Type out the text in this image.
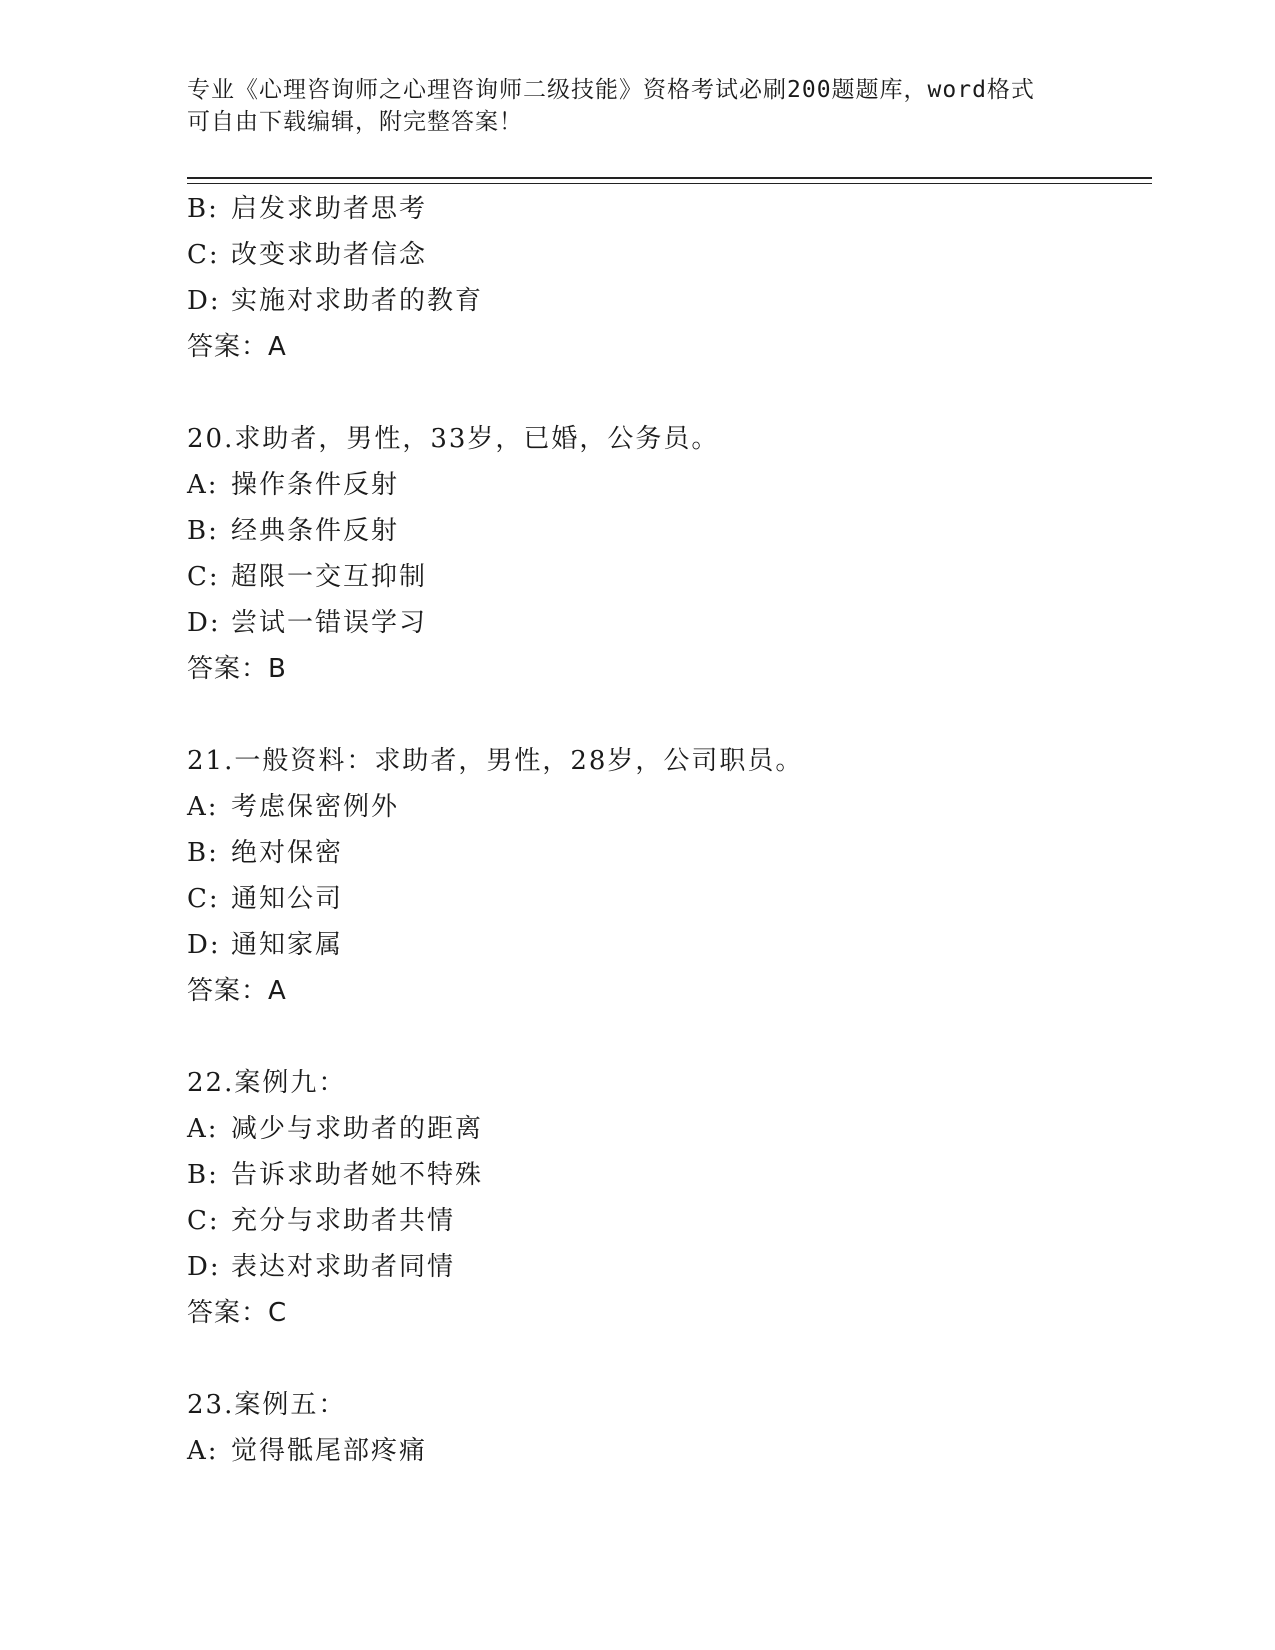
专业《心理咨询师之心理咨询师二级技能》资格考试必刷200题题库，word格式
可自由下载编辑，附完整答案！
B: 启发求助者思考
C: 改变求助者信念
D: 实施对求助者的教育
答案：A
20.求助者，男性，33岁，已婚，公务员。
A: 操作条件反射
B: 经典条件反射
C: 超限一交互抑制
D: 尝试一错误学习
答案：B
21.一般资料：求助者，男性，28岁，公司职员。
A: 考虑保密例外
B: 绝对保密
C: 通知公司
D: 通知家属
答案：A
22.案例九：
A: 减少与求助者的距离
B: 告诉求助者她不特殊
C: 充分与求助者共情
D: 表达对求助者同情
答案：C
23.案例五：
A: 觉得骶尾部疼痛
